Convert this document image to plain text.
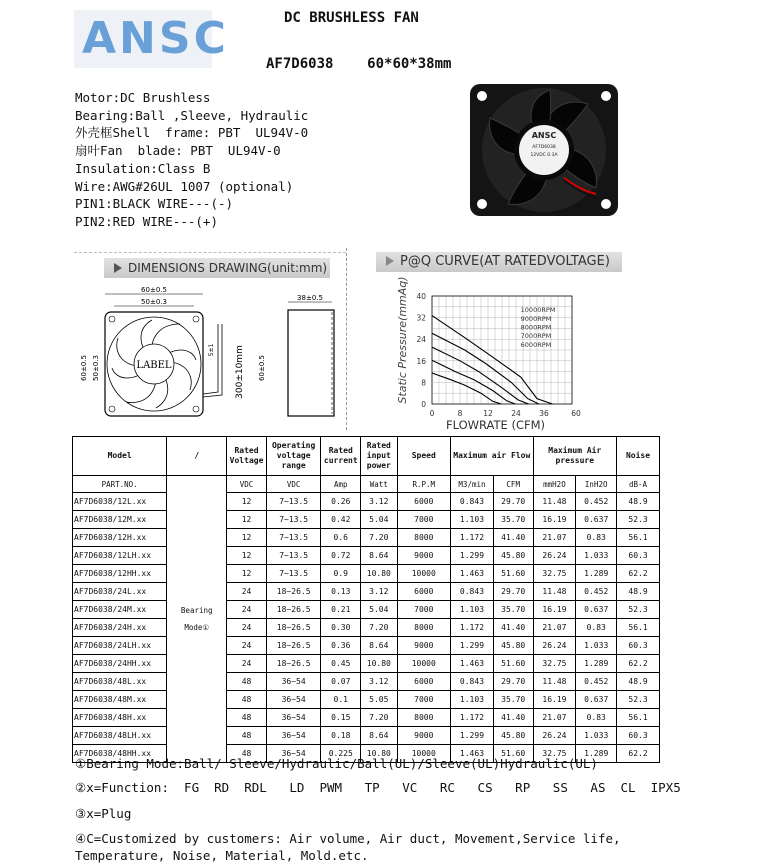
ANSC	DC BRUSHLESS FAN
AF7D6038 60*60*38mm
Motor:DC Brushless
Bearing:Ball ,Sleeve, Hydraulic
外壳框Shell  frame: PBT  UL94V-0
扇叶Fan  blade: PBT  UL94V-0
Insulation:Class B
Wire:AWG#26UL 1007 (optional)
PIN1:BLACK WIRE---(-)
PIN2:RED WIRE---(+)
ANSC
AF7D6038
12VDC 0.3A
DIMENSIONS DRAWING(unit:mm)
60±0.5
50±0.3
60±0.5 50±0.3	LABEL
5±1 300±10mm
38±0.5
60±0.5
P@Q CURVE(AT RATEDVOLTAGE)
Static Pressure(mmAq)
0
8
16
24
32
40
0	8	12 24 36	60
10000RPM
9000RPM
8000RPM
7000RPM
6000RPM
FLOWRATE (CFM)
Model	/	Rated Voltage	Operating voltage range	Rated current	Rated input power	Speed	Maximum air Flow		Maximum Air pressure		Noise
PART.NO.	Bearing Mode①	VDC	VDC	Amp	Watt	R.P.M	M3/min	CFM	mmH2O	InH2O	dB-A
AF7D6038/12L.xx		12	7~13.5	0.26	3.12	6000	0.843	29.70	11.48	0.452	48.9
AF7D6038/12M.xx		12	7~13.5	0.42	5.04	7000	1.103	35.70	16.19	0.637	52.3
AF7D6038/12H.xx		12	7~13.5	0.6	7.20	8000	1.172	41.40	21.07	0.83	56.1
AF7D6038/12LH.xx		12	7~13.5	0.72	8.64	9000	1.299	45.80	26.24	1.033	60.3
AF7D6038/12HH.xx		12	7~13.5	0.9	10.80	10000	1.463	51.60	32.75	1.289	62.2
AF7D6038/24L.xx		24	18~26.5	0.13	3.12	6000	0.843	29.70	11.48	0.452	48.9
AF7D6038/24M.xx		24	18~26.5	0.21	5.04	7000	1.103	35.70	16.19	0.637	52.3
AF7D6038/24H.xx		24	18~26.5	0.30	7.20	8000	1.172	41.40	21.07	0.83	56.1
AF7D6038/24LH.xx		24	18~26.5	0.36	8.64	9000	1.299	45.80	26.24	1.033	60.3
AF7D6038/24HH.xx		24	18~26.5	0.45	10.80	10000	1.463	51.60	32.75	1.289	62.2
AF7D6038/48L.xx		48	36~54	0.07	3.12	6000	0.843	29.70	11.48	0.452	48.9
AF7D6038/48M.xx		48	36~54	0.1	5.05	7000	1.103	35.70	16.19	0.637	52.3
AF7D6038/48H.xx		48	36~54	0.15	7.20	8000	1.172	41.40	21.07	0.83	56.1
AF7D6038/48LH.xx		48	36~54	0.18	8.64	9000	1.299	45.80	26.24	1.033	60.3
AF7D6038/48HH.xx		48	36~54	0.225	10.80	10000	1.463	51.60	32.75	1.289	62.2
①Bearing Mode:Ball/ Sleeve/Hydraulic/Ball(UL)/Sleeve(UL)Hydraulic(UL)
②x=Function:  FG  RD  RDL   LD  PWM   TP   VC   RC   CS   RP   SS   AS  CL  IPX5
③x=Plug
④C=Customized by customers: Air volume, Air duct, Movement,Service life,
Temperature, Noise, Material, Mold.etc.
